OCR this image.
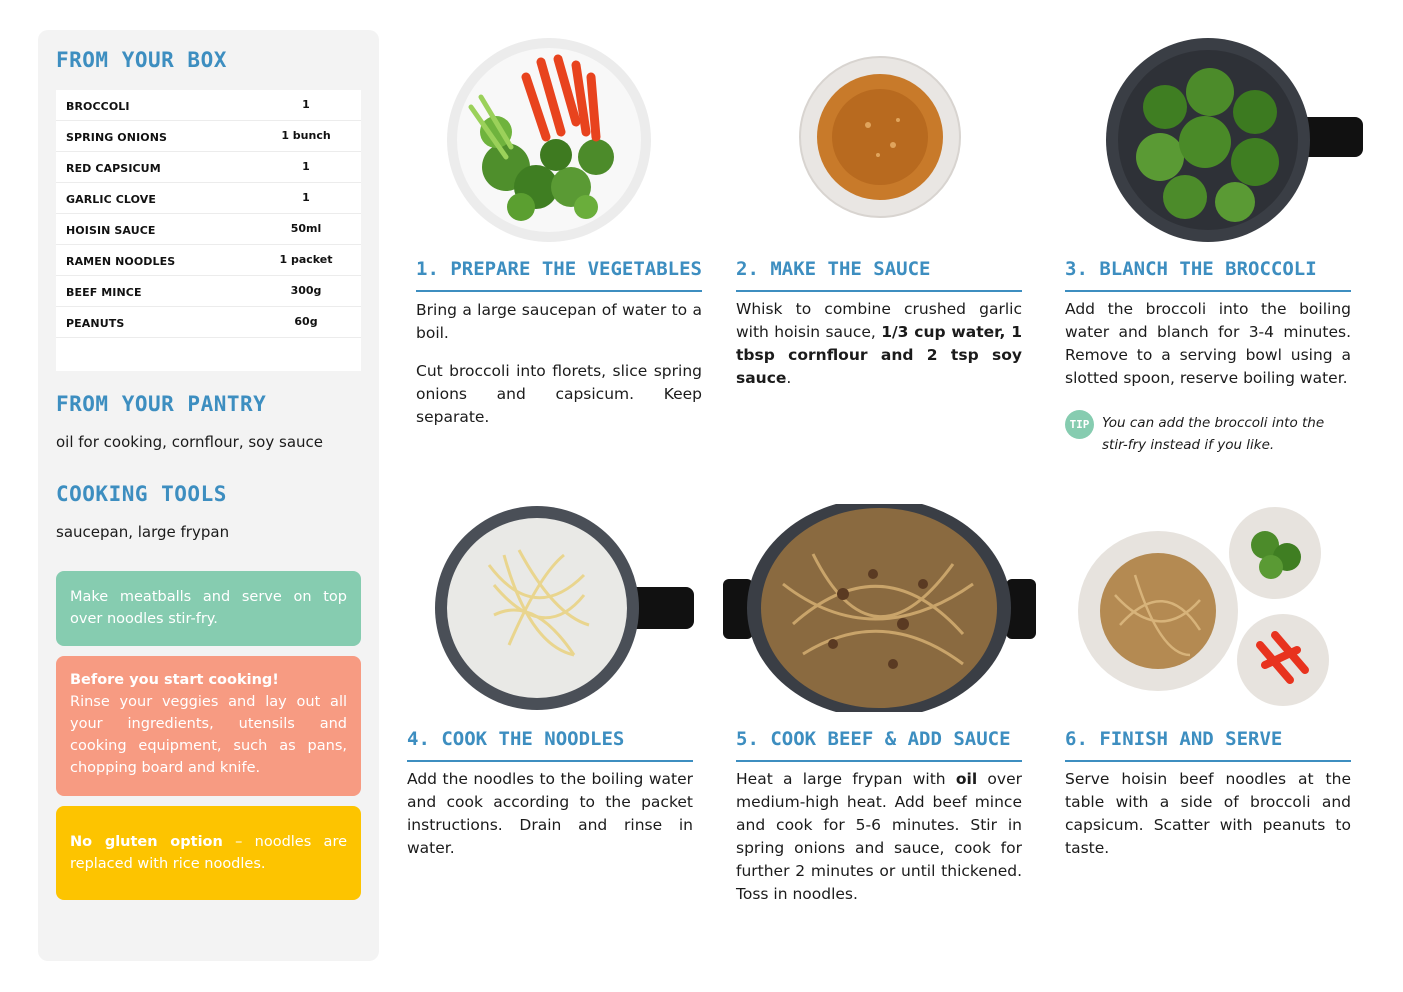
FROM YOUR BOX
BROCCOLI	1
SPRING ONIONS	1 bunch
RED CAPSICUM	1
GARLIC CLOVE	1
HOISIN SAUCE	50ml
RAMEN NOODLES	1 packet
BEEF MINCE	300g
PEANUTS	60g
FROM YOUR PANTRY
oil for cooking, cornflour, soy sauce
COOKING TOOLS
saucepan, large frypan
Make meatballs and serve on top over noodles stir-fry.
Before you start cooking!
Rinse your veggies and lay out all your ingredients, utensils and cooking equipment, such as pans, chopping board and knife.
No gluten option – noodles are replaced with rice noodles.
1. PREPARE THE VEGETABLES

Bring a large saucepan of water to a boil.

Cut broccoli into florets, slice spring onions and capsicum. Keep separate.

2. MAKE THE SAUCE
Whisk to combine crushed garlic with hoisin sauce, 1/3 cup water, 1 tbsp cornflour and 2 tsp soy sauce.
3. BLANCH THE BROCCOLI
Add the broccoli into the boiling water and blanch for 3-4 minutes. Remove to a serving bowl using a slotted spoon, reserve boiling water.
TIP You can add the broccoli into the stir-fry instead if you like.
4. COOK THE NOODLES
Add the noodles to the boiling water and cook according to the packet instructions. Drain and rinse in water.
5. COOK BEEF & ADD SAUCE
Heat a large frypan with oil over medium-high heat. Add beef mince and cook for 5-6 minutes. Stir in spring onions and sauce, cook for further 2 minutes or until thickened. Toss in noodles.
6. FINISH AND SERVE
Serve hoisin beef noodles at the table with a side of broccoli and capsicum. Scatter with peanuts to taste.
